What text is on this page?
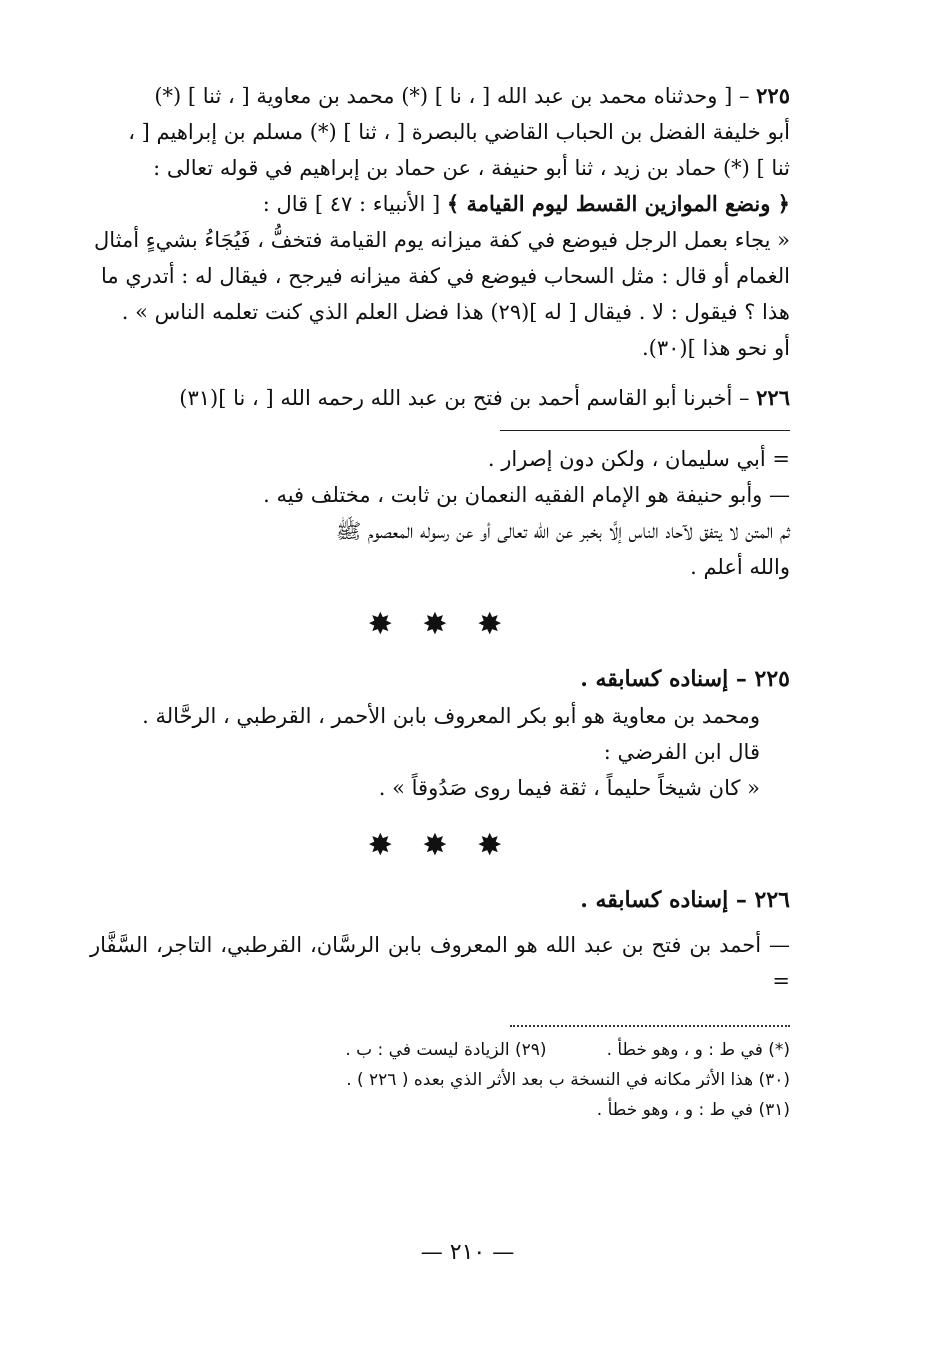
٢٢٥ – [ وحدثناه محمد بن عبد الله [ ، نا ] (*) محمد بن معاوية [ ، ثنا ] (*)

أبو خليفة الفضل بن الحباب القاضي بالبصرة [ ، ثنا ] (*) مسلم بن إبراهيم [ ،

ثنا ] (*) حماد بن زيد ، ثنا أبو حنيفة ، عن حماد بن إبراهيم في قوله تعالى :

﴿ ونضع الموازين القسط ليوم القيامة ﴾ [ الأنبياء : ٤٧ ] قال :

« يجاء بعمل الرجل فيوضع في كفة ميزانه يوم القيامة فتخفُّ ، فَيُجَاءُ بشيءٍ أمثال

الغمام أو قال : مثل السحاب فيوضع في كفة ميزانه فيرجح ، فيقال له : أتدري ما

هذا ؟ فيقول : لا . فيقال [ له ](٢٩) هذا فضل العلم الذي كنت تعلمه الناس » .

أو نحو هذا ](٣٠).

٢٢٦ – أخبرنا أبو القاسم أحمد بن فتح بن عبد الله رحمه الله [ ، نا ](٣١)

= أبي سليمان ، ولكن دون إصرار .

— وأبو حنيفة هو الإمام الفقيه النعمان بن ثابت ، مختلف فيه .

ثم المتن لا يتفق لآحاد الناس إلَّا بخبر عن الله تعالى أو عن رسوله المعصوم ﷺ

والله أعلم .

✸ ✸ ✸

٢٢٥ – إسناده كسابقه .

ومحمد بن معاوية هو أبو بكر المعروف بابن الأحمر ، القرطبي ، الرحَّالة .

قال ابن الفرضي :

« كان شيخاً حليماً ، ثقة فيما روى صَدُوقاً » .

✸ ✸ ✸

٢٢٦ – إسناده كسابقه .

— أحمد بن فتح بن عبد الله هو المعروف بابن الرسَّان، القرطبي، التاجر، السَّفَّار =

(*) في ط : و ، وهو خطأ .

(٢٩) الزيادة ليست في : ب .

(٣٠) هذا الأثر مكانه في النسخة ب بعد الأثر الذي بعده ( ٢٢٦ ) .

(٣١) في ط : و ، وهو خطأ .

— ٢١٠ —
